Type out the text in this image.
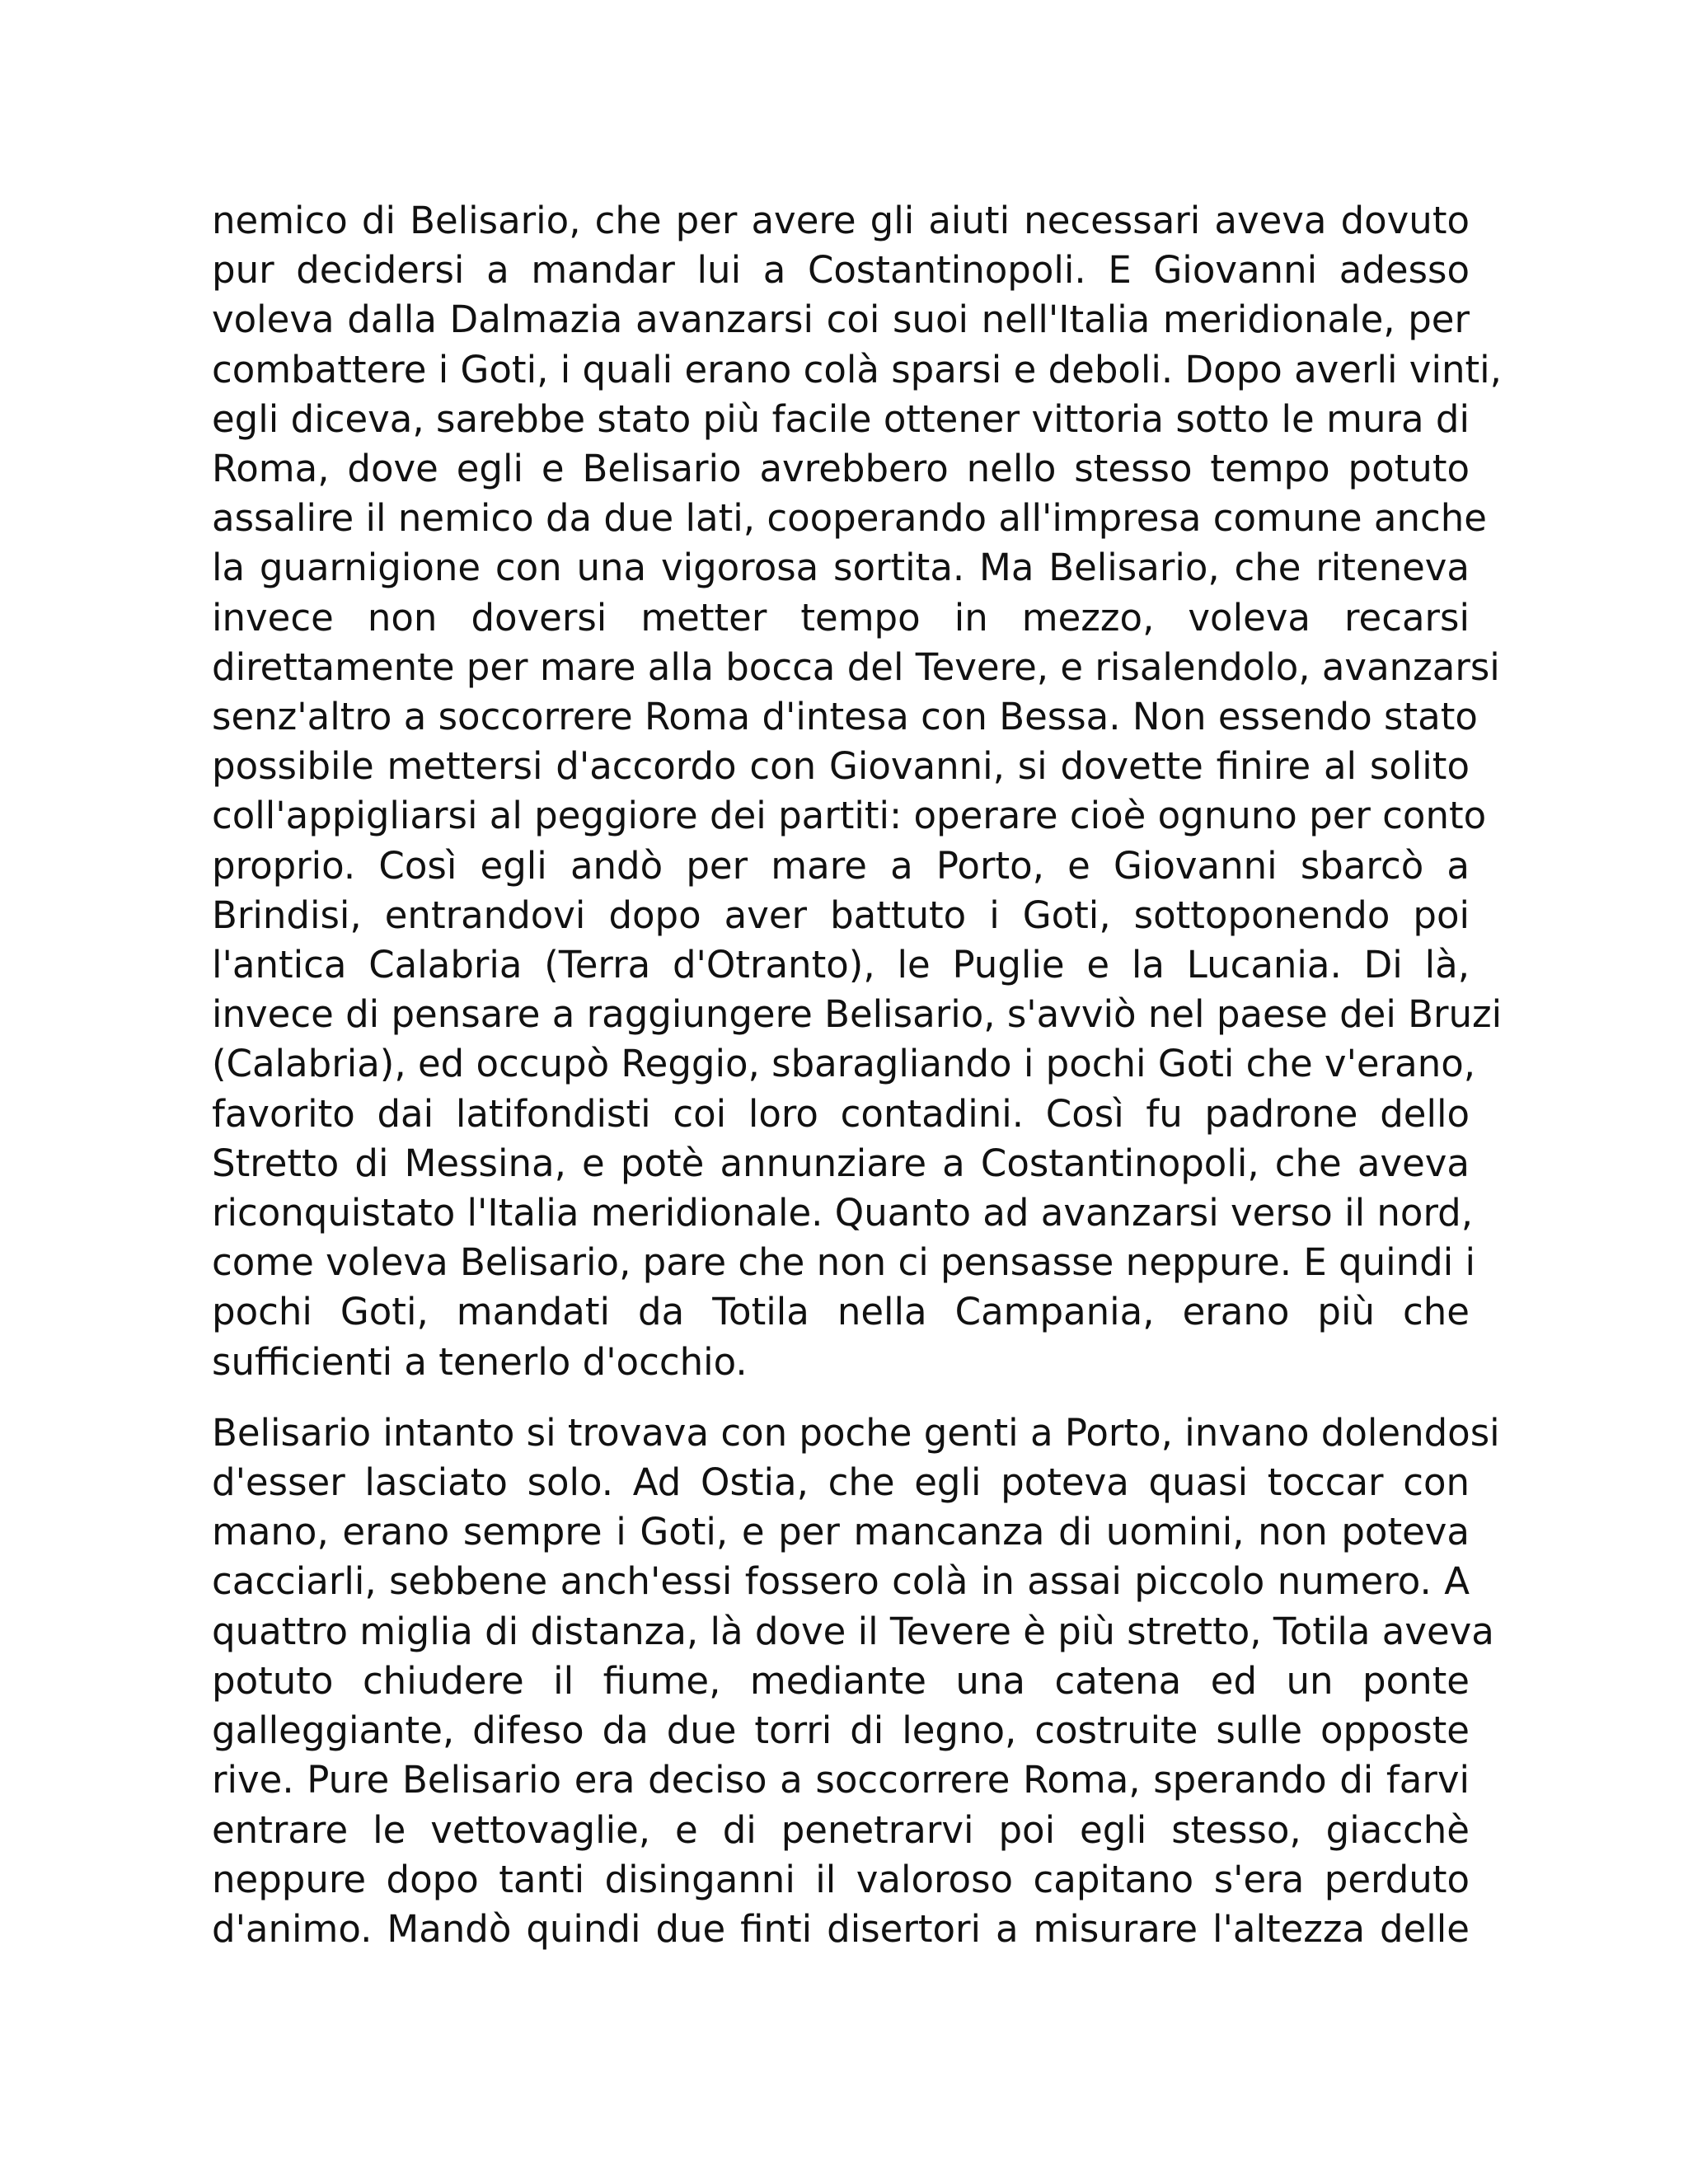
nemico di Belisario, che per avere gli aiuti necessari aveva dovuto
pur decidersi a mandar lui a Costantinopoli. E Giovanni adesso
voleva dalla Dalmazia avanzarsi coi suoi nell'Italia meridionale, per
combattere i Goti, i quali erano colà sparsi e deboli. Dopo averli vinti,
egli diceva, sarebbe stato più facile ottener vittoria sotto le mura di
Roma, dove egli e Belisario avrebbero nello stesso tempo potuto
assalire il nemico da due lati, cooperando all'impresa comune anche
la guarnigione con una vigorosa sortita. Ma Belisario, che riteneva
invece non doversi metter tempo in mezzo, voleva recarsi
direttamente per mare alla bocca del Tevere, e risalendolo, avanzarsi
senz'altro a soccorrere Roma d'intesa con Bessa. Non essendo stato
possibile mettersi d'accordo con Giovanni, si dovette finire al solito
coll'appigliarsi al peggiore dei partiti: operare cioè ognuno per conto
proprio. Così egli andò per mare a Porto, e Giovanni sbarcò a
Brindisi, entrandovi dopo aver battuto i Goti, sottoponendo poi
l'antica Calabria (Terra d'Otranto), le Puglie e la Lucania. Di là,
invece di pensare a raggiungere Belisario, s'avviò nel paese dei Bruzi
(Calabria), ed occupò Reggio, sbaragliando i pochi Goti che v'erano,
favorito dai latifondisti coi loro contadini. Così fu padrone dello
Stretto di Messina, e potè annunziare a Costantinopoli, che aveva
riconquistato l'Italia meridionale. Quanto ad avanzarsi verso il nord,
come voleva Belisario, pare che non ci pensasse neppure. E quindi i
pochi Goti, mandati da Totila nella Campania, erano più che
sufficienti a tenerlo d'occhio.
Belisario intanto si trovava con poche genti a Porto, invano dolendosi
d'esser lasciato solo. Ad Ostia, che egli poteva quasi toccar con
mano, erano sempre i Goti, e per mancanza di uomini, non poteva
cacciarli, sebbene anch'essi fossero colà in assai piccolo numero. A
quattro miglia di distanza, là dove il Tevere è più stretto, Totila aveva
potuto chiudere il fiume, mediante una catena ed un ponte
galleggiante, difeso da due torri di legno, costruite sulle opposte
rive. Pure Belisario era deciso a soccorrere Roma, sperando di farvi
entrare le vettovaglie, e di penetrarvi poi egli stesso, giacchè
neppure dopo tanti disinganni il valoroso capitano s'era perduto
d'animo. Mandò quindi due finti disertori a misurare l'altezza delle
